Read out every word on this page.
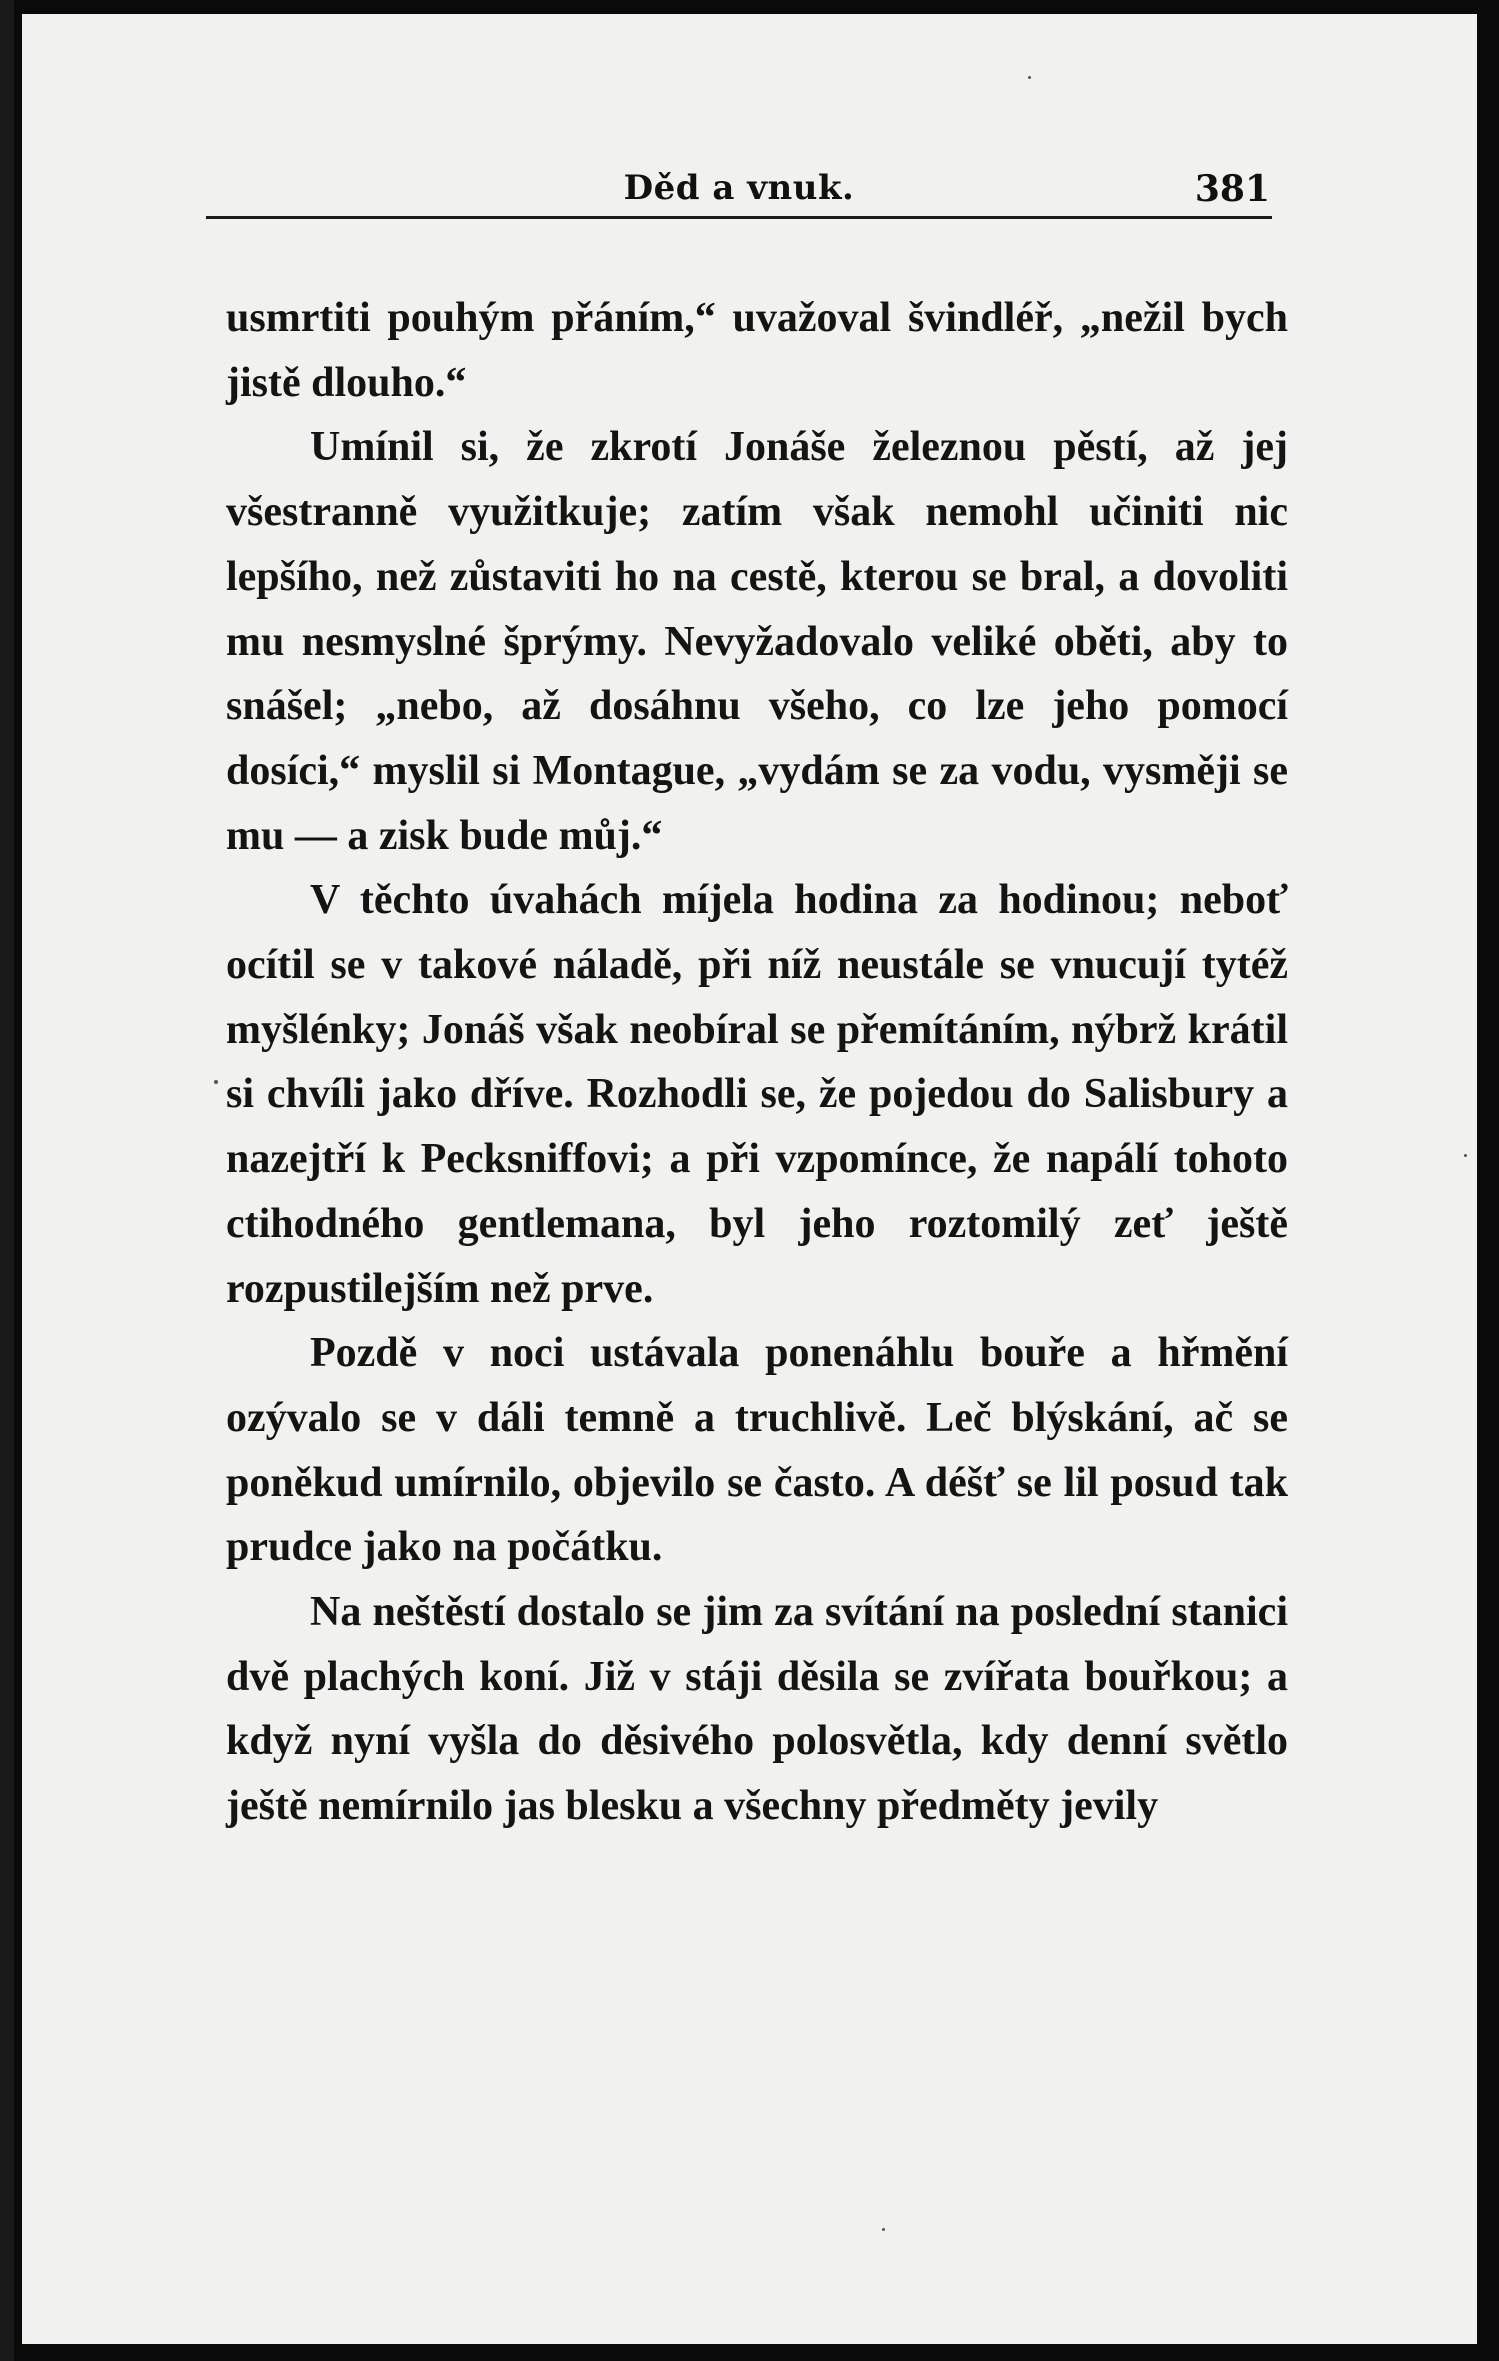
Děd a vnuk.	381

usmrtiti pouhým přáním,“ uvažoval švindléř, „nežil bych jistě dlouho.“

Umínil si, že zkrotí Jonáše železnou pěstí, až jej všestranně využitkuje; zatím však nemohl učiniti nic lepšího, než zůstaviti ho na cestě, kterou se bral, a dovoliti mu nesmyslné šprýmy. Nevyžadovalo veliké oběti, aby to snášel; „nebo, až dosáhnu všeho, co lze jeho pomocí dosíci,“ myslil si Montague, „vydám se za vodu, vysměji se mu — a zisk bude můj.“

V těchto úvahách míjela hodina za hodinou; neboť ocítil se v takové náladě, při níž neustále se vnucují tytéž myšlénky; Jonáš však neobíral se přemítáním, nýbrž krátil si chvíli jako dříve. Rozhodli se, že pojedou do Salisbury a nazejtří k Pecksniffovi; a při vzpomínce, že napálí tohoto ctihodného gentlemana, byl jeho roztomilý zeť ještě rozpustilejším než prve.

Pozdě v noci ustávala ponenáhlu bouře a hřmění ozývalo se v dáli temně a truchlivě. Leč blýskání, ač se poněkud umírnilo, objevilo se často. A déšť se lil posud tak prudce jako na počátku.

Na neštěstí dostalo se jim za svítání na poslední stanici dvě plachých koní. Již v stáji děsila se zvířata bouřkou; a když nyní vyšla do děsivého polosvětla, kdy denní světlo ještě nemírnilo jas blesku a všechny předměty jevily
